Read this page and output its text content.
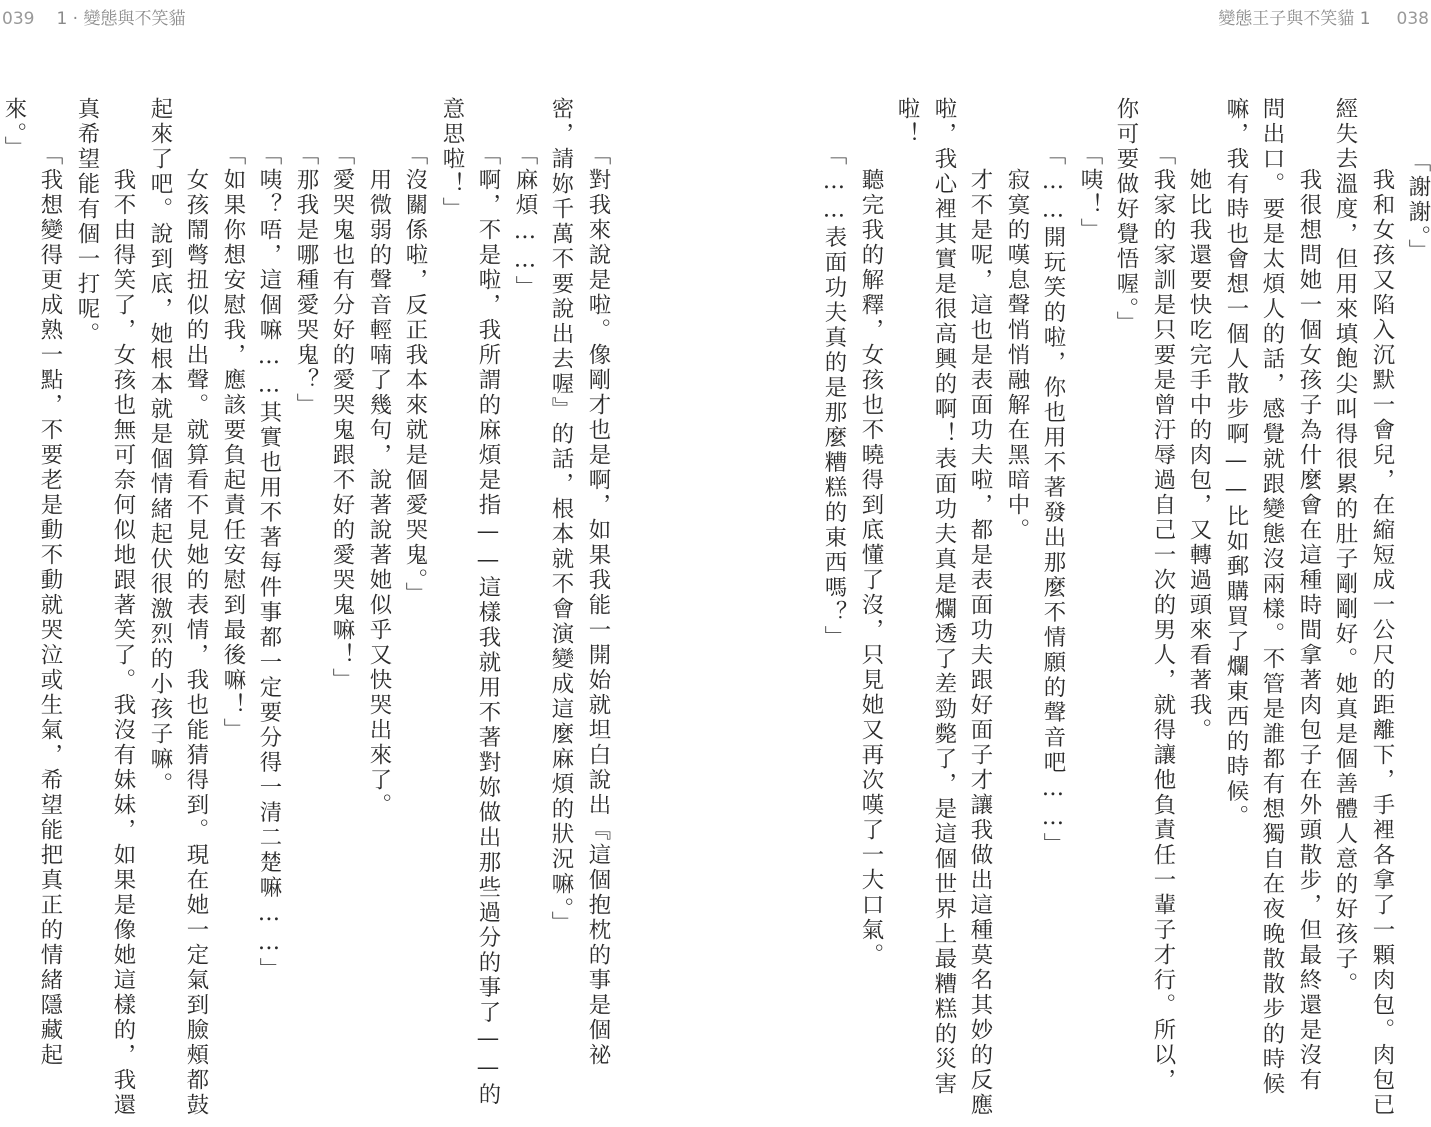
039 1 ‧ 變態與不笑貓	變態王子與不笑貓 1 038
「謝謝。」
　我和女孩又陷入沉默一會兒，在縮短成一公尺的距離下，手裡各拿了一顆肉包。肉包已
經失去溫度，但用來填飽尖叫得很累的肚子剛剛好。她真是個善體人意的好孩子。
　我很想問她一個女孩子為什麼會在這種時間拿著肉包子在外頭散步，但最終還是沒有
問出口。要是太煩人的話，感覺就跟變態沒兩樣。不管是誰都有想獨自在夜晚散散步的時候
嘛，我有時也會想一個人散步啊——比如郵購買了爛東西的時候。
　她比我還要快吃完手中的肉包，又轉過頭來看著我。
「我家的家訓是只要是曾汙辱過自己一次的男人，就得讓他負責任一輩子才行。所以，
你可要做好覺悟喔。」
「咦！」
「……開玩笑的啦，你也用不著發出那麼不情願的聲音吧……」
　寂寞的嘆息聲悄悄融解在黑暗中。
　才不是呢，這也是表面功夫啦，都是表面功夫跟好面子才讓我做出這種莫名其妙的反應
啦，我心裡其實是很高興的啊！表面功夫真是爛透了差勁斃了，是這個世界上最糟糕的災害
啦！
　聽完我的解釋，女孩也不曉得到底懂了沒，只見她又再次嘆了一大口氣。
「……表面功夫真的是那麼糟糕的東西嗎？」
「對我來說是啦。像剛才也是啊，如果我能一開始就坦白說出『這個抱枕的事是個祕
密，請妳千萬不要說出去喔』的話，根本就不會演變成這麼麻煩的狀況嘛。」
「麻煩……」
「啊，不是啦，我所謂的麻煩是指——這樣我就用不著對妳做出那些過分的事了——的
意思啦！」
「沒關係啦，反正我本來就是個愛哭鬼。」
　用微弱的聲音輕喃了幾句，說著說著她似乎又快哭出來了。
「愛哭鬼也有分好的愛哭鬼跟不好的愛哭鬼嘛！」
「那我是哪種愛哭鬼？」
「咦？唔，這個嘛……其實也用不著每件事都一定要分得一清二楚嘛……」
「如果你想安慰我，應該要負起責任安慰到最後嘛！」
　女孩鬧彆扭似的出聲。就算看不見她的表情，我也能猜得到。現在她一定氣到臉頰都鼓
起來了吧。說到底，她根本就是個情緒起伏很激烈的小孩子嘛。
　我不由得笑了，女孩也無可奈何似地跟著笑了。我沒有妹妹，如果是像她這樣的，我還
真希望能有個一打呢。
「我想變得更成熟一點，不要老是動不動就哭泣或生氣，希望能把真正的情緒隱藏起
來。」
